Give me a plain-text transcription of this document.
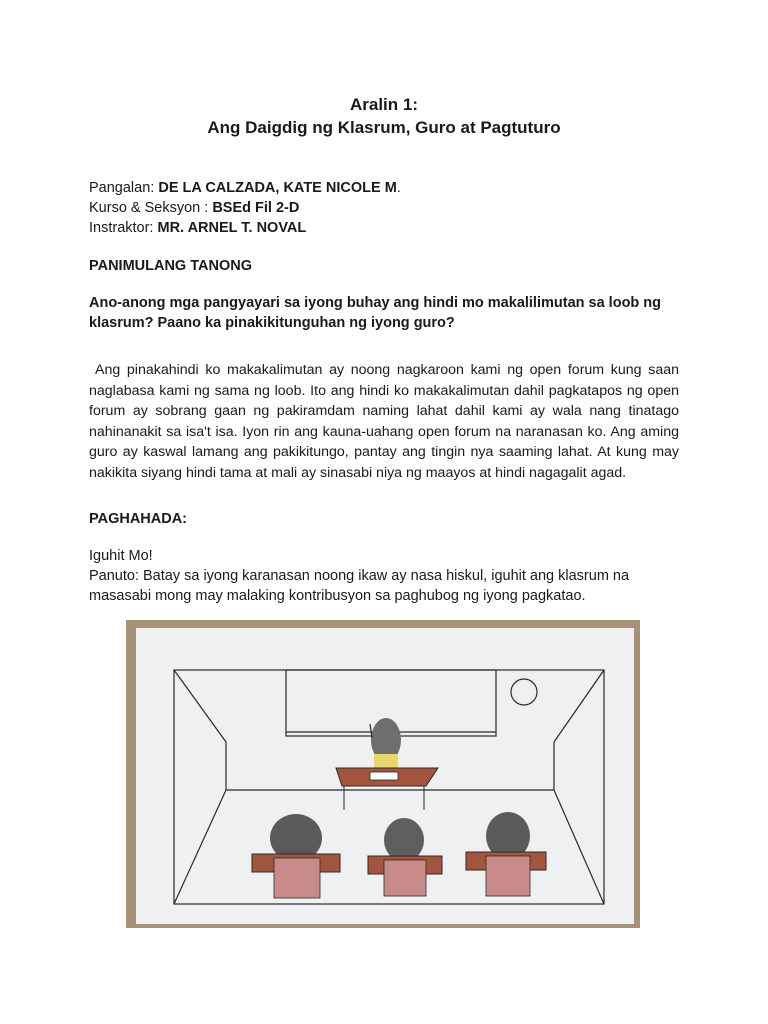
Aralin 1:
Ang Daigdig ng Klasrum, Guro at Pagtuturo
Pangalan: DE LA CALZADA, KATE NICOLE M.
Kurso & Seksyon : BSEd Fil 2-D
Instraktor: MR. ARNEL T. NOVAL
PANIMULANG TANONG
Ano-anong mga pangyayari sa iyong buhay ang hindi mo makalilimutan sa loob ng klasrum? Paano ka pinakikitunguhan ng iyong guro?
Ang pinakahindi ko makakalimutan ay noong nagkaroon kami ng open forum kung saan naglabasa kami ng sama ng loob. Ito ang hindi ko makakalimutan dahil pagkatapos ng open forum ay sobrang gaan ng pakiramdam naming lahat dahil kami ay wala nang tinatago nahinanakit sa isa't isa. Iyon rin ang kauna-uahang open forum na naranasan ko. Ang aming guro ay kaswal lamang ang pakikitungo, pantay ang tingin nya saaming lahat. At kung may nakikita siyang hindi tama at mali ay sinasabi niya ng maayos at hindi nagagalit agad.
PAGHAHADA:
Iguhit Mo!
Panuto: Batay sa iyong karanasan noong ikaw ay nasa hiskul, iguhit ang klasrum na masasabi mong may malaking kontribusyon sa paghubog ng iyong pagkatao.
